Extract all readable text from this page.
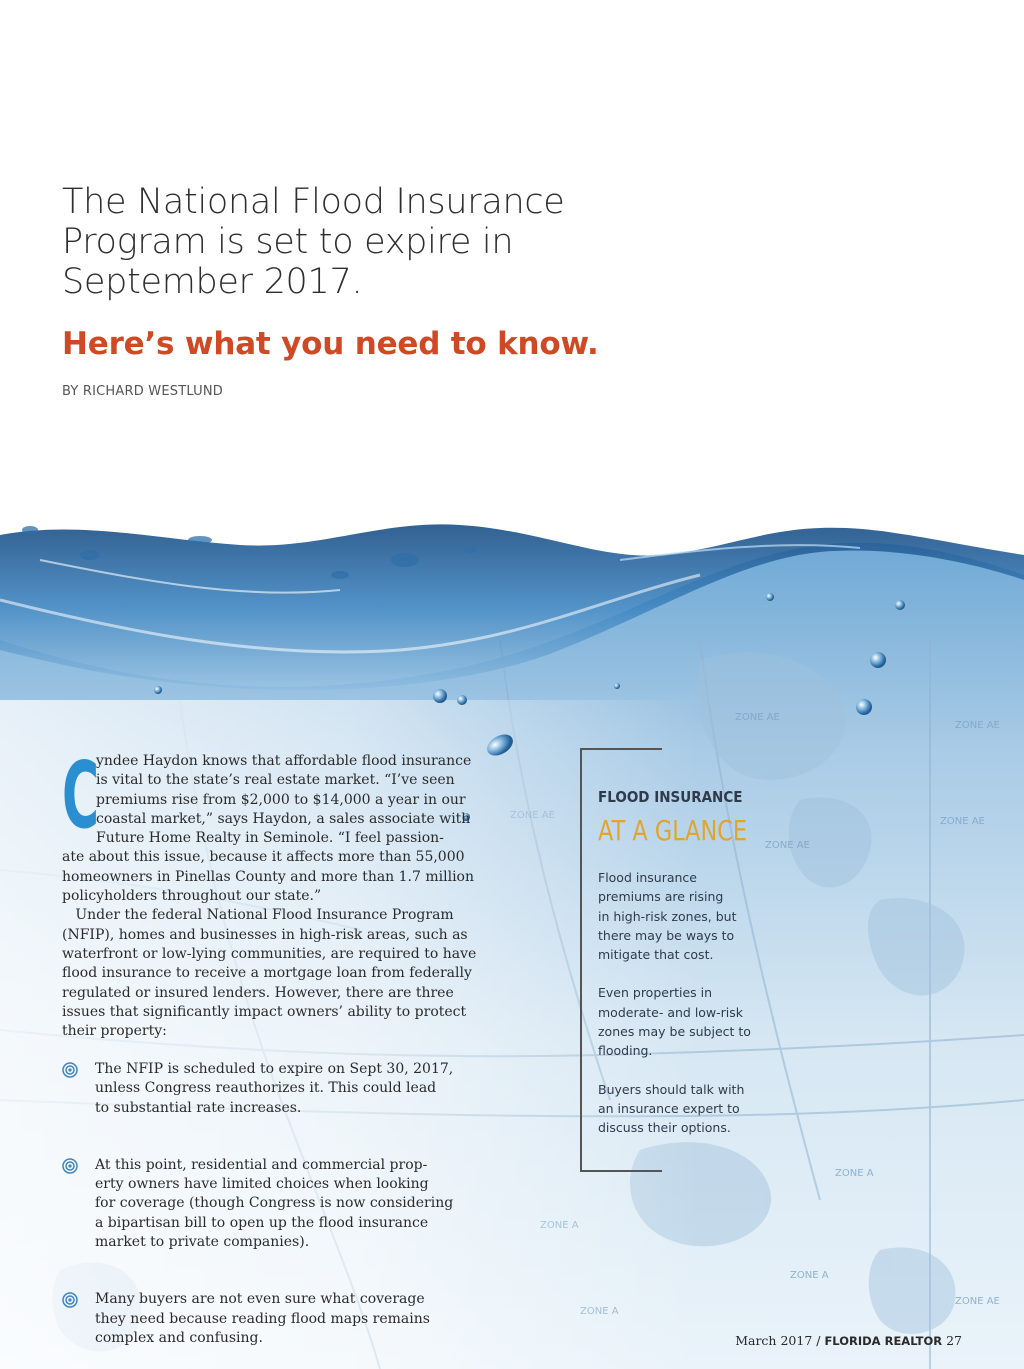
ZONE AE
ZONE AE
ZONE AE
ZONE A
ZONE A
ZONE AE
ZONE AE
The National Flood Insurance
Program is set to expire in
September 2017.
Here’s what you need to know.
BY RICHARD WESTLUND
C
yndee Haydon knows that affordable flood insurance
is vital to the state’s real estate market. “I’ve seen
premiums rise from $2,000 to $14,000 a year in our
coastal market,” says Haydon, a sales associate with
Future Home Realty in Seminole. “I feel passion-
ate about this issue, because it affects more than 55,000
homeowners in Pinellas County and more than 1.7 million
policyholders throughout our state.”
Under the federal National Flood Insurance Program
(NFIP), homes and businesses in high-risk areas, such as
waterfront or low-lying communities, are required to have
flood insurance to receive a mortgage loan from federally
regulated or insured lenders. However, there are three
issues that significantly impact owners’ ability to protect
their property:
The NFIP is scheduled to expire on Sept 30, 2017,
unless Congress reauthorizes it. This could lead
to substantial rate increases.
At this point, residential and commercial prop-
erty owners have limited choices when looking
for coverage (though Congress is now considering
a bipartisan bill to open up the flood insurance
market to private companies).
Many buyers are not even sure what coverage
they need because reading flood maps remains
complex and confusing.
FLOOD INSURANCE
AT A GLANCE
Flood insurance
premiums are rising
in high-risk zones, but
there may be ways to
mitigate that cost.
Even properties in
moderate- and low-risk
zones may be subject to
flooding.
Buyers should talk with
an insurance expert to
discuss their options.
March 2017 / FLORIDA REALTOR 27
